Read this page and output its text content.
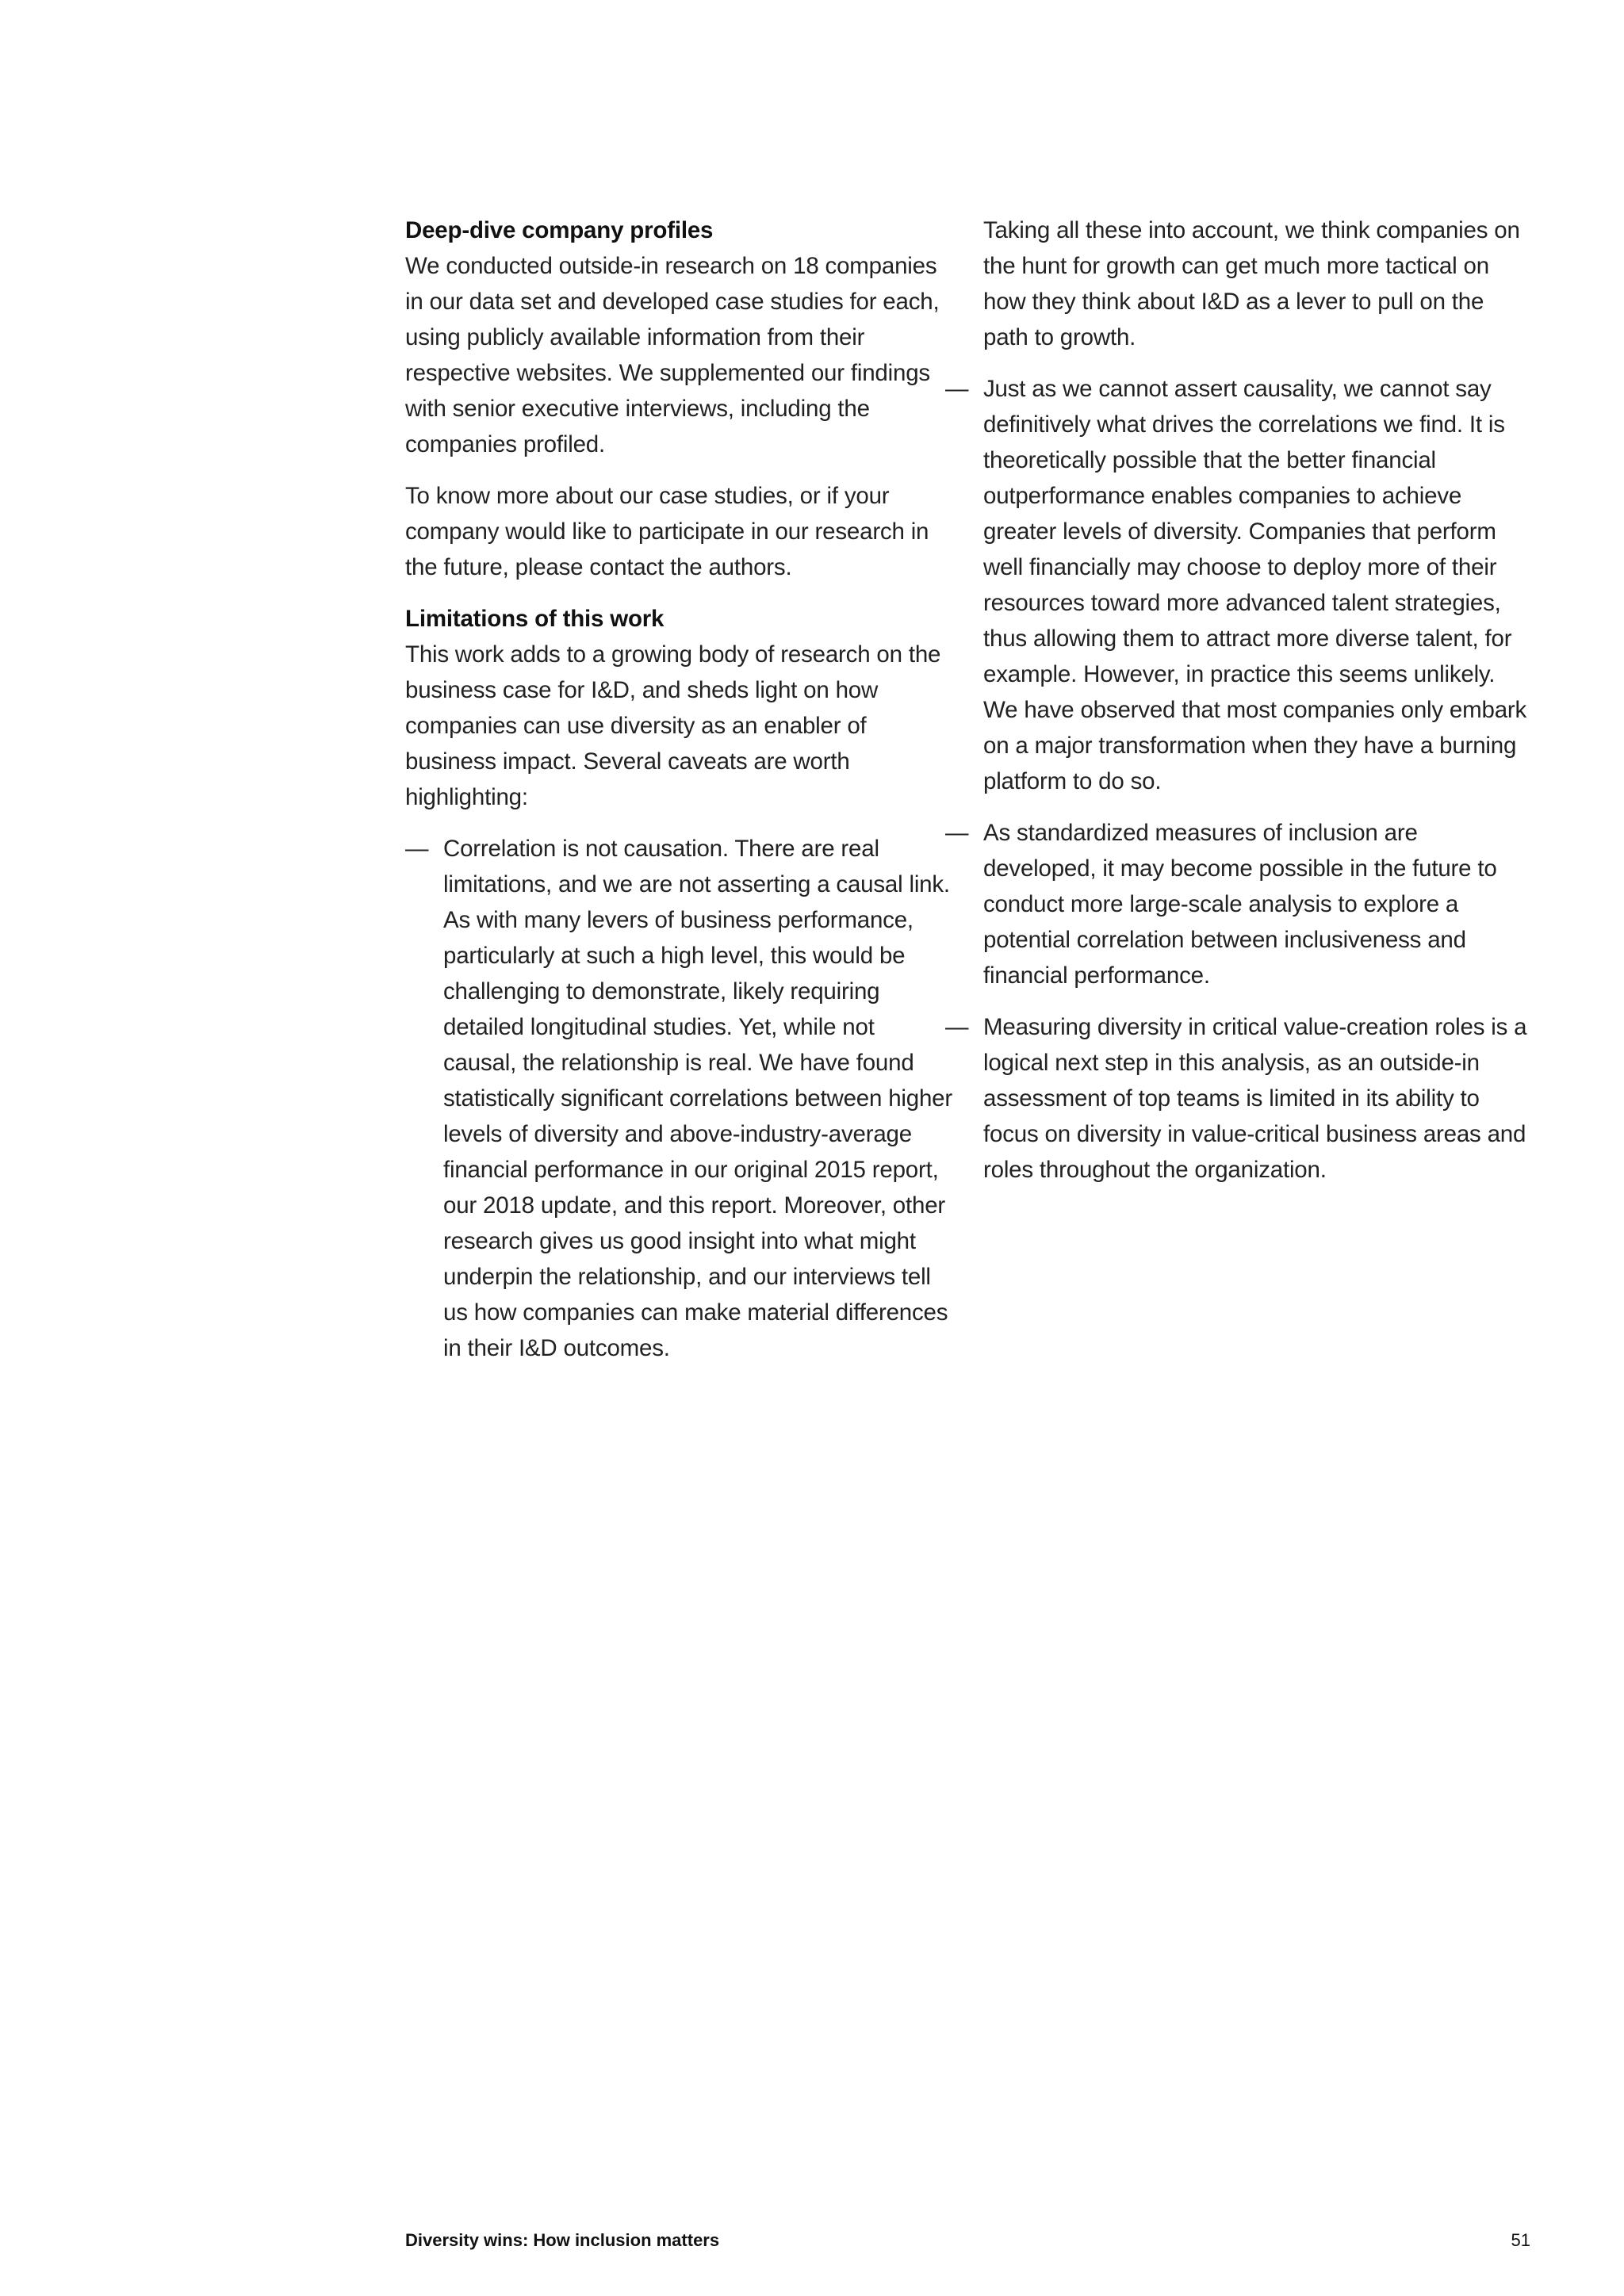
Deep-dive company profiles

We conducted outside-in research on 18 companies in our data set and developed case studies for each, using publicly available information from their respective websites. We supplemented our findings with senior executive interviews, including the companies profiled.

To know more about our case studies, or if your company would like to participate in our research in the future, please contact the authors.

Limitations of this work

This work adds to a growing body of research on the business case for I&D, and sheds light on how companies can use diversity as an enabler of business impact. Several caveats are worth highlighting:

— Correlation is not causation. There are real limitations, and we are not asserting a causal link. As with many levers of business performance, particularly at such a high level, this would be challenging to demonstrate, likely requiring detailed longitudinal studies. Yet, while not causal, the relationship is real. We have found statistically significant correlations between higher levels of diversity and above-industry-average financial performance in our original 2015 report, our 2018 update, and this report. Moreover, other research gives us good insight into what might underpin the relationship, and our interviews tell us how companies can make material differences in their I&D outcomes.

Taking all these into account, we think companies on the hunt for growth can get much more tactical on how they think about I&D as a lever to pull on the path to growth.

— Just as we cannot assert causality, we cannot say definitively what drives the correlations we find. It is theoretically possible that the better financial outperformance enables companies to achieve greater levels of diversity. Companies that perform well financially may choose to deploy more of their resources toward more advanced talent strategies, thus allowing them to attract more diverse talent, for example. However, in practice this seems unlikely. We have observed that most companies only embark on a major transformation when they have a burning platform to do so.
— As standardized measures of inclusion are developed, it may become possible in the future to conduct more large-scale analysis to explore a potential correlation between inclusiveness and financial performance.
— Measuring diversity in critical value-creation roles is a logical next step in this analysis, as an outside-in assessment of top teams is limited in its ability to focus on diversity in value-critical business areas and roles throughout the organization.
Diversity wins: How inclusion matters	51
